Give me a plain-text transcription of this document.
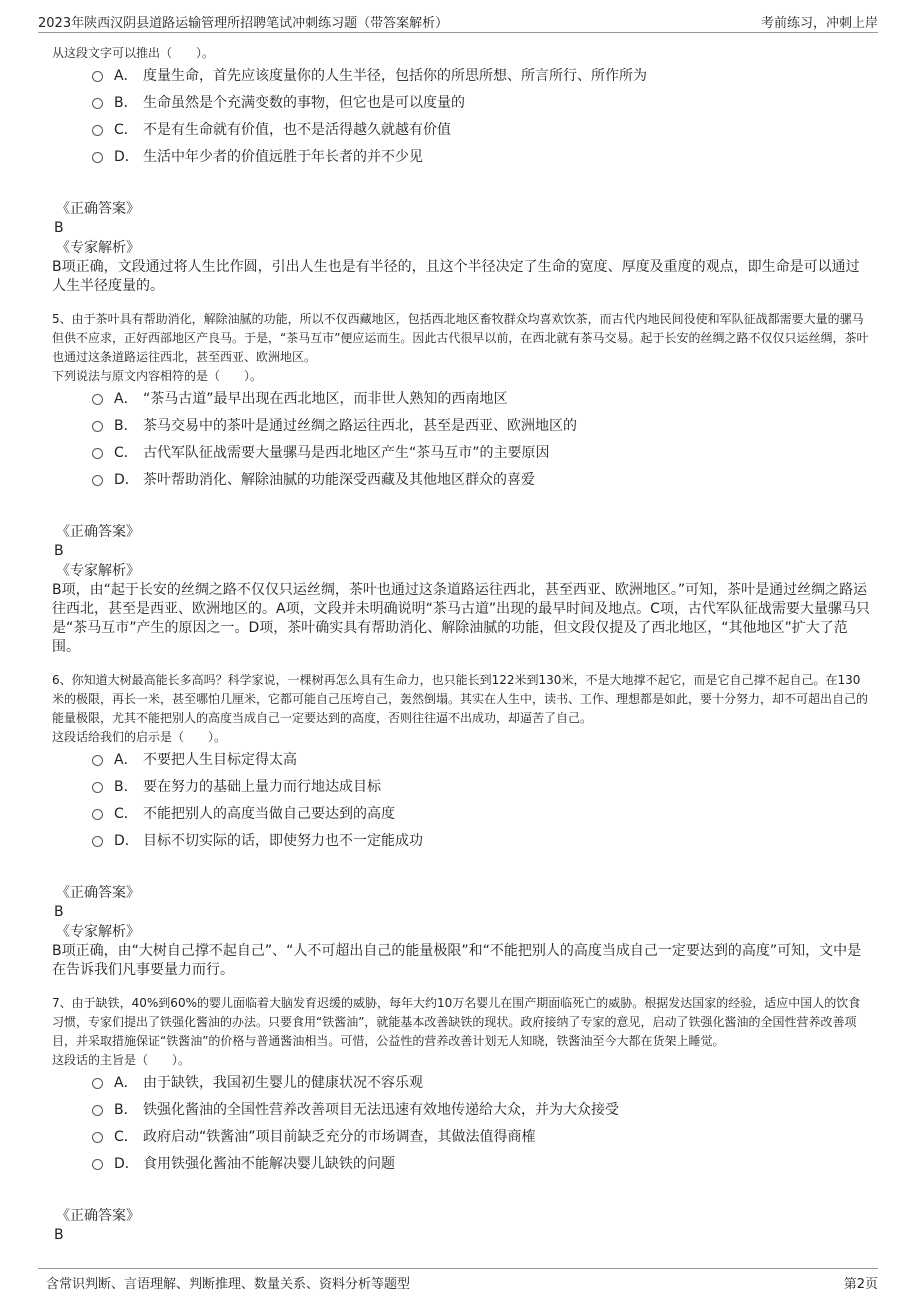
2023年陕西汉阴县道路运输管理所招聘笔试冲刺练习题（带答案解析）	考前练习，冲刺上岸

从这段文字可以推出（　　）。

A． 度量生命，首先应该度量你的人生半径，包括你的所思所想、所言所行、所作所为
B． 生命虽然是个充满变数的事物，但它也是可以度量的
C． 不是有生命就有价值，也不是活得越久就越有价值
D． 生活中年少者的价值远胜于年长者的并不少见

《正确答案》

B

《专家解析》

B项正确，文段通过将人生比作圆，引出人生也是有半径的，且这个半径决定了生命的宽度、厚度及重度的观点，即生命是可以通过人生半径度量的。

5、由于茶叶具有帮助消化，解除油腻的功能，所以不仅西藏地区，包括西北地区畜牧群众均喜欢饮茶，而古代内地民间役使和军队征战都需要大量的骡马但供不应求，正好西部地区产良马。于是，“茶马互市”便应运而生。因此古代很早以前，在西北就有茶马交易。起于长安的丝绸之路不仅仅只运丝绸，茶叶也通过这条道路运往西北，甚至西亚、欧洲地区。

下列说法与原文内容相符的是（　　）。

A． “茶马古道”最早出现在西北地区，而非世人熟知的西南地区
B． 茶马交易中的茶叶是通过丝绸之路运往西北，甚至是西亚、欧洲地区的
C． 古代军队征战需要大量骡马是西北地区产生“茶马互市”的主要原因
D． 茶叶帮助消化、解除油腻的功能深受西藏及其他地区群众的喜爱

《正确答案》

B

《专家解析》

B项，由“起于长安的丝绸之路不仅仅只运丝绸，茶叶也通过这条道路运往西北，甚至西亚、欧洲地区。”可知，茶叶是通过丝绸之路运往西北，甚至是西亚、欧洲地区的。A项，文段并未明确说明“茶马古道”出现的最早时间及地点。C项，古代军队征战需要大量骡马只是“茶马互市”产生的原因之一。D项，茶叶确实具有帮助消化、解除油腻的功能，但文段仅提及了西北地区，“其他地区”扩大了范围。

6、你知道大树最高能长多高吗？科学家说，一棵树再怎么具有生命力，也只能长到122米到130米，不是大地撑不起它，而是它自己撑不起自己。在130米的极限，再长一米，甚至哪怕几厘米，它都可能自己压垮自己，轰然倒塌。其实在人生中，读书、工作、理想都是如此，要十分努力，却不可超出自己的能量极限，尤其不能把别人的高度当成自己一定要达到的高度，否则往往逼不出成功，却逼苦了自己。

这段话给我们的启示是（　　）。

A． 不要把人生目标定得太高
B． 要在努力的基础上量力而行地达成目标
C． 不能把别人的高度当做自己要达到的高度
D． 目标不切实际的话，即使努力也不一定能成功

《正确答案》

B

《专家解析》

B项正确，由“大树自己撑不起自己”、“人不可超出自己的能量极限”和“不能把别人的高度当成自己一定要达到的高度”可知，文中是在告诉我们凡事要量力而行。

7、由于缺铁，40%到60%的婴儿面临着大脑发育迟缓的威胁，每年大约10万名婴儿在围产期面临死亡的威胁。根据发达国家的经验，适应中国人的饮食习惯，专家们提出了铁强化酱油的办法。只要食用“铁酱油”，就能基本改善缺铁的现状。政府接纳了专家的意见，启动了铁强化酱油的全国性营养改善项目，并采取措施保证“铁酱油”的价格与普通酱油相当。可惜，公益性的营养改善计划无人知晓，铁酱油至今大都在货架上睡觉。

这段话的主旨是（　　）。

A． 由于缺铁，我国初生婴儿的健康状况不容乐观
B． 铁强化酱油的全国性营养改善项目无法迅速有效地传递给大众，并为大众接受
C． 政府启动“铁酱油”项目前缺乏充分的市场调查，其做法值得商榷
D． 食用铁强化酱油不能解决婴儿缺铁的问题

《正确答案》

B

含常识判断、言语理解、判断推理、数量关系、资料分析等题型	第2页
